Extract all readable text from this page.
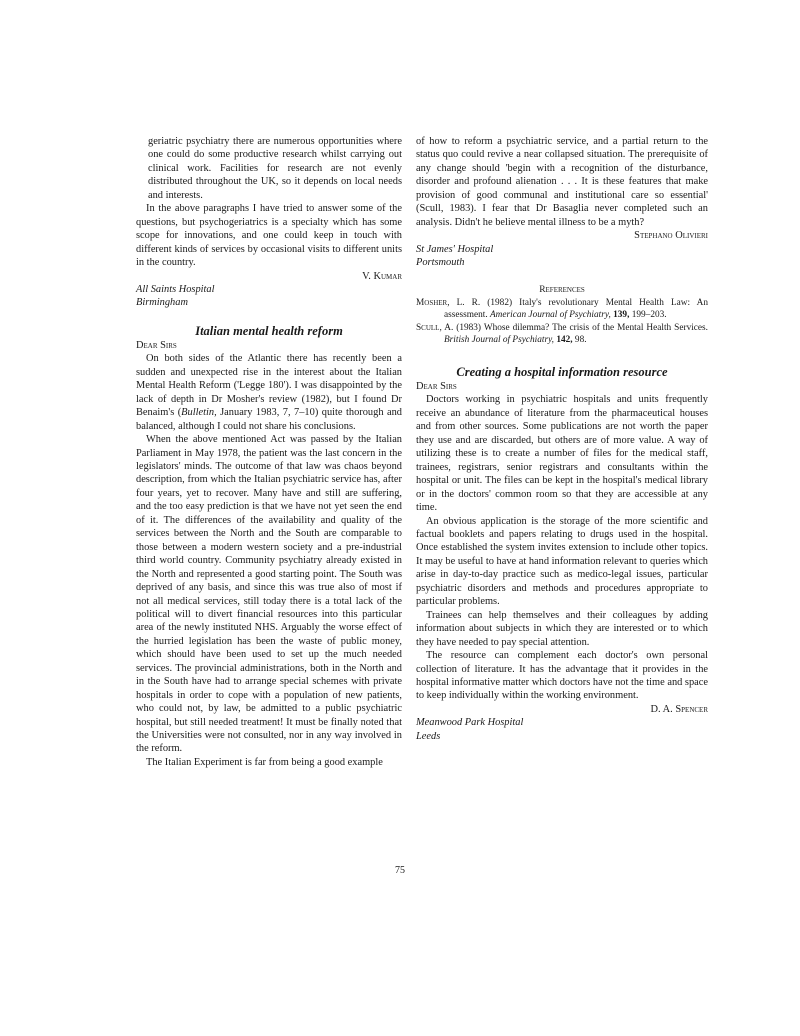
geriatric psychiatry there are numerous opportunities where one could do some productive research whilst carrying out clinical work. Facilities for research are not evenly distributed throughout the UK, so it depends on local needs and interests.

In the above paragraphs I have tried to answer some of the questions, but psychogeriatrics is a specialty which has some scope for innovations, and one could keep in touch with different kinds of services by occasional visits to different units in the country.

V. Kumar
All Saints Hospital
Birmingham
Italian mental health reform
Dear Sirs

On both sides of the Atlantic there has recently been a sudden and unexpected rise in the interest about the Italian Mental Health Reform ('Legge 180'). I was disappointed by the lack of depth in Dr Mosher's review (1982), but I found Dr Benaim's (Bulletin, January 1983, 7, 7–10) quite thorough and balanced, although I could not share his conclusions.

When the above mentioned Act was passed by the Italian Parliament in May 1978, the patient was the last concern in the legislators' minds. The outcome of that law was chaos beyond description, from which the Italian psychiatric service has, after four years, yet to recover. Many have and still are suffering, and the too easy prediction is that we have not yet seen the end of it. The differences of the availability and quality of the services between the North and the South are comparable to those between a modern western society and a pre-industrial third world country. Community psychiatry already existed in the North and represented a good starting point. The South was deprived of any basis, and since this was true also of most if not all medical services, still today there is a total lack of the political will to divert financial resources into this particular area of the newly instituted NHS. Arguably the worse effect of the hurried legislation has been the waste of public money, which should have been used to set up the much needed services. The provincial administrations, both in the North and in the South have had to arrange special schemes with private hospitals in order to cope with a population of new patients, who could not, by law, be admitted to a public psychiatric hospital, but still needed treatment! It must be finally noted that the Universities were not consulted, nor in any way involved in the reform.

The Italian Experiment is far from being a good example

of how to reform a psychiatric service, and a partial return to the status quo could revive a near collapsed situation. The prerequisite of any change should 'begin with a recognition of the disturbance, disorder and profound alienation . . . It is these features that make provision of good communal and institutional care so essential' (Scull, 1983). I fear that Dr Basaglia never completed such an analysis. Didn't he believe mental illness to be a myth?

Stephano Olivieri
St James' Hospital
Portsmouth
References
Mosher, L. R. (1982) Italy's revolutionary Mental Health Law: An assessment. American Journal of Psychiatry, 139, 199–203.
Scull, A. (1983) Whose dilemma? The crisis of the Mental Health Services. British Journal of Psychiatry, 142, 98.
Creating a hospital information resource
Dear Sirs

Doctors working in psychiatric hospitals and units frequently receive an abundance of literature from the pharmaceutical houses and from other sources. Some publications are not worth the paper they use and are discarded, but others are of more value. A way of utilizing these is to create a number of files for the medical staff, trainees, registrars, senior registrars and consultants within the hospital or unit. The files can be kept in the hospital's medical library or in the doctors' common room so that they are accessible at any time.

An obvious application is the storage of the more scientific and factual booklets and papers relating to drugs used in the hospital. Once established the system invites extension to include other topics. It may be useful to have at hand information relevant to queries which arise in day-to-day practice such as medico-legal issues, particular psychiatric disorders and methods and procedures appropriate to particular problems.

Trainees can help themselves and their colleagues by adding information about subjects in which they are interested or to which they have needed to pay special attention.

The resource can complement each doctor's own personal collection of literature. It has the advantage that it provides in the hospital informative matter which doctors have not the time and space to keep individually within the working environment.

D. A. Spencer
Meanwood Park Hospital
Leeds
75
